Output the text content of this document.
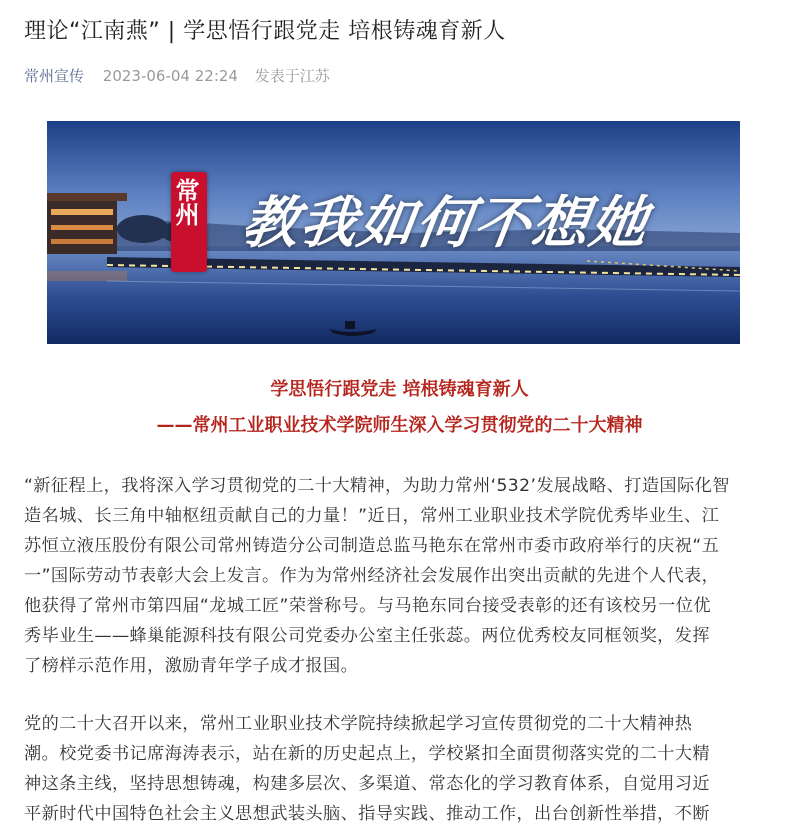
理论“江南燕” | 学思悟行跟党走 培根铸魂育新人
常州宣传 2023-06-04 22:24 发表于江苏
常州 教我如何不想她
学思悟行跟党走 培根铸魂育新人
——常州工业职业技术学院师生深入学习贯彻党的二十大精神
“新征程上，我将深入学习贯彻党的二十大精神，为助力常州‘532’发展战略、打造国际化智
造名城、长三角中轴枢纽贡献自己的力量！”近日，常州工业职业技术学院优秀毕业生、江
苏恒立液压股份有限公司常州铸造分公司制造总监马艳东在常州市委市政府举行的庆祝“五
一”国际劳动节表彰大会上发言。作为为常州经济社会发展作出突出贡献的先进个人代表，
他获得了常州市第四届“龙城工匠”荣誉称号。与马艳东同台接受表彰的还有该校另一位优
秀毕业生——蜂巢能源科技有限公司党委办公室主任张蕊。两位优秀校友同框领奖，发挥
了榜样示范作用，激励青年学子成才报国。
党的二十大召开以来，常州工业职业技术学院持续掀起学习宣传贯彻党的二十大精神热
潮。校党委书记席海涛表示，站在新的历史起点上，学校紧扣全面贯彻落实党的二十大精
神这条主线，坚持思想铸魂，构建多层次、多渠道、常态化的学习教育体系，自觉用习近
平新时代中国特色社会主义思想武装头脑、指导实践、推动工作，出台创新性举措，不断
